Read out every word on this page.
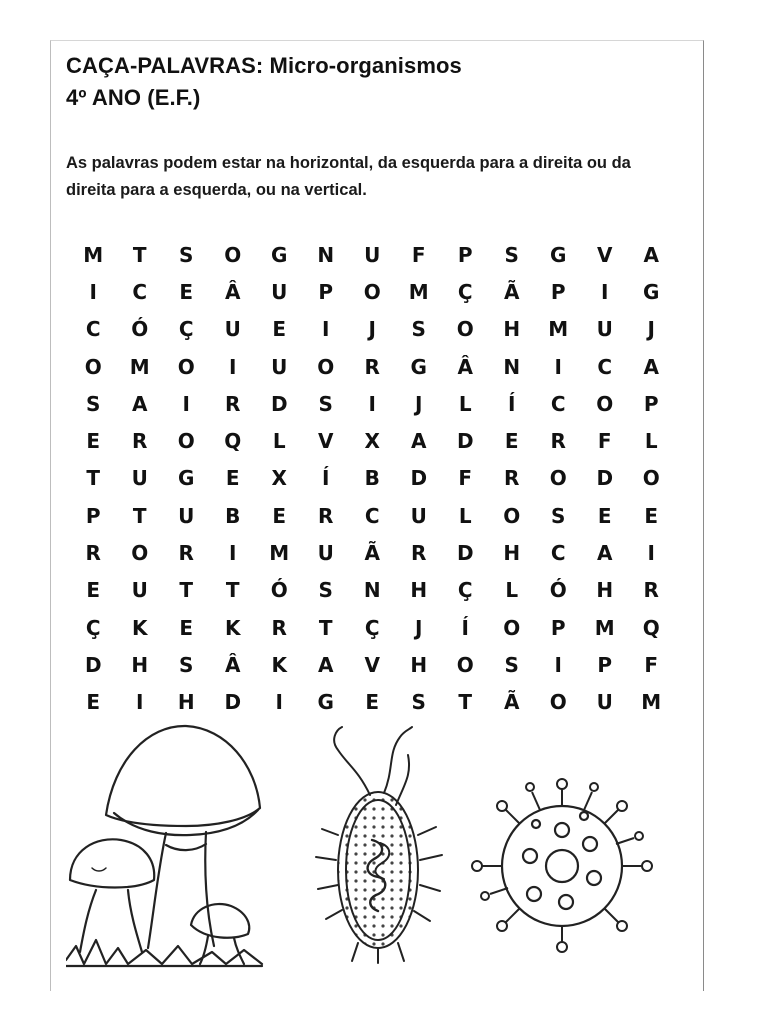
CAÇA-PALAVRAS: Micro-organismos
4º ANO (E.F.)
As palavras podem estar na horizontal, da esquerda para a direita ou da direita para a esquerda, ou na vertical.
M	T	S	O	G	N	U	F	P	S	G	V	A
I	C	E	Â	U	P	O	M	Ç	Ã	P	I	G
C	Ó	Ç	U	E	I	J	S	O	H	M	U	J
O	M	O	I	U	O	R	G	Â	N	I	C	A
S	A	I	R	D	S	I	J	L	Í	C	O	P
E	R	O	Q	L	V	X	A	D	E	R	F	L
T	U	G	E	X	Í	B	D	F	R	O	D	O
P	T	U	B	E	R	C	U	L	O	S	E	E
R	O	R	I	M	U	Ã	R	D	H	C	A	I
E	U	T	T	Ó	S	N	H	Ç	L	Ó	H	R
Ç	K	E	K	R	T	Ç	J	Í	O	P	M	Q
D	H	S	Â	K	A	V	H	O	S	I	P	F
E	I	H	D	I	G	E	S	T	Ã	O	U	M
